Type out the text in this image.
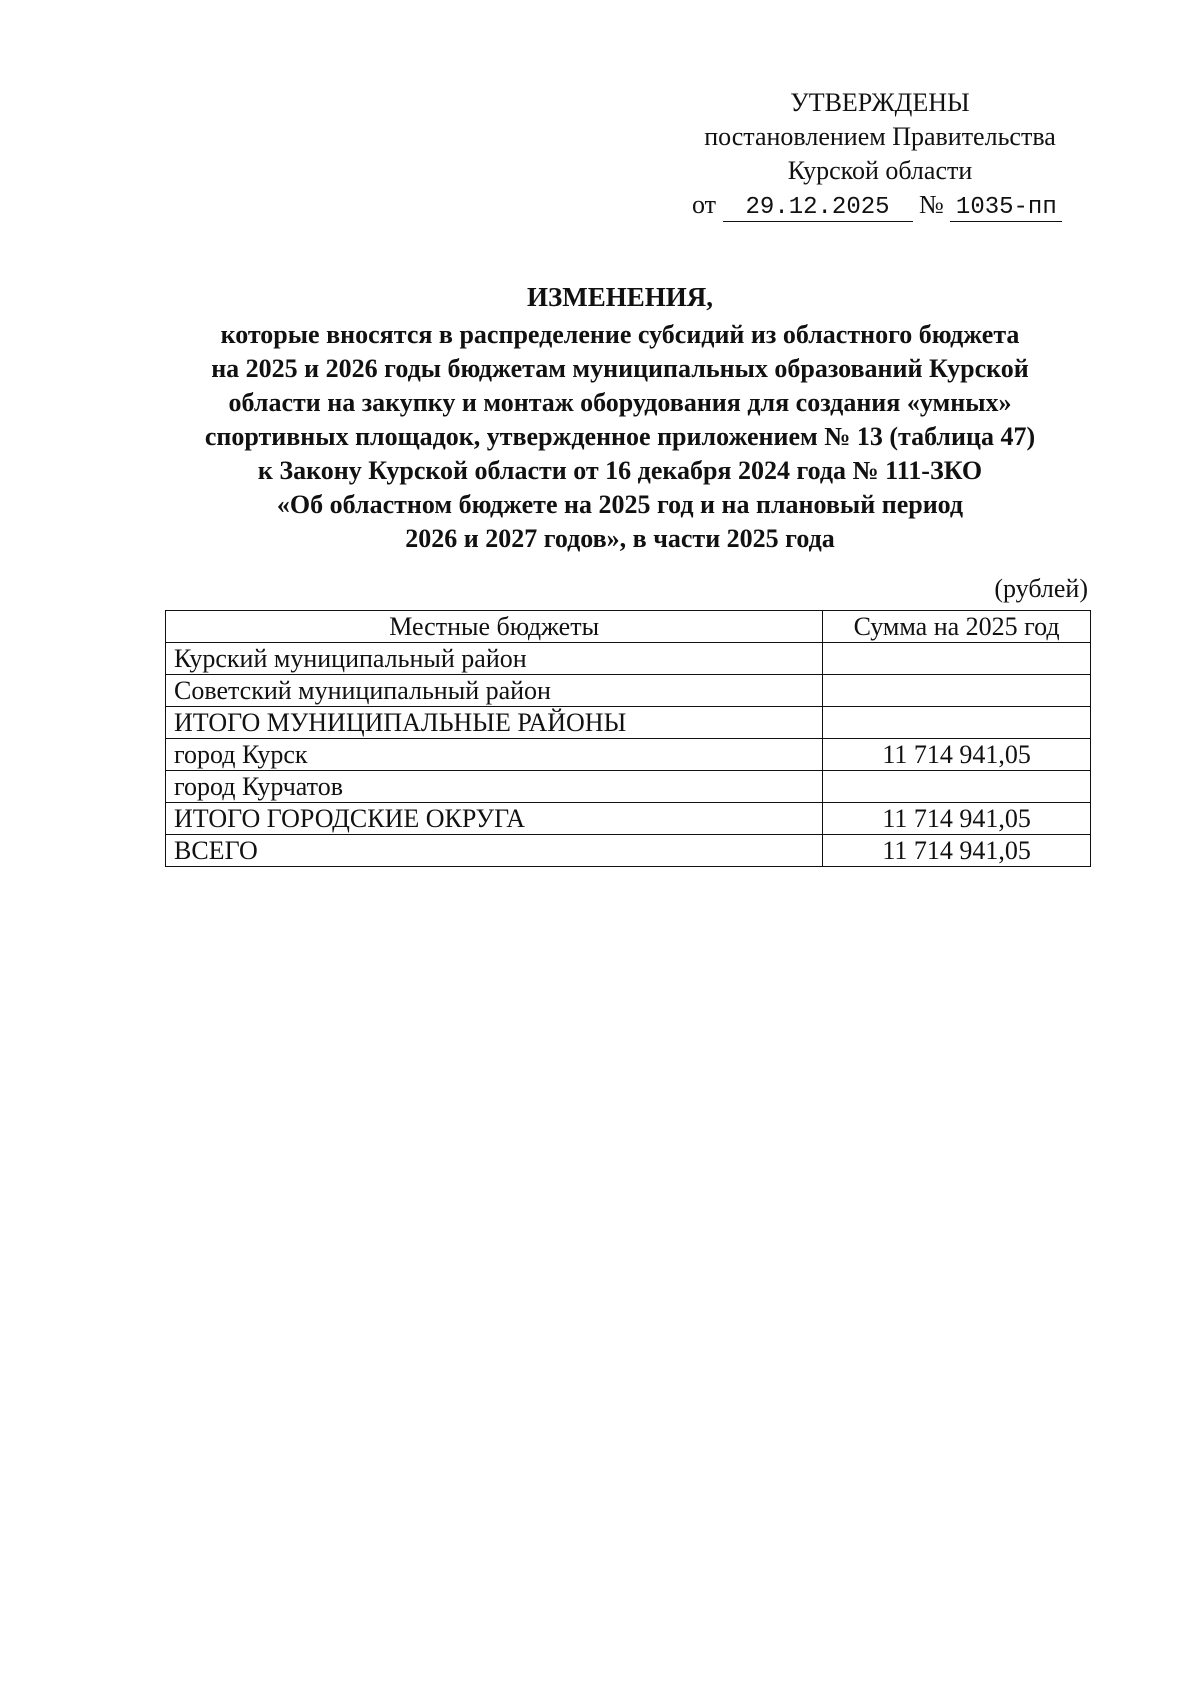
УТВЕРЖДЕНЫ
постановлением Правительства
Курской области
от 29.12.2025 № 1035-пп
ИЗМЕНЕНИЯ,
которые вносятся в распределение субсидий из областного бюджета
на 2025 и 2026 годы бюджетам муниципальных образований Курской
области на закупку и монтаж оборудования для создания «умных»
спортивных площадок, утвержденное приложением № 13 (таблица 47)
к Закону Курской области от 16 декабря 2024 года № 111-ЗКО
«Об областном бюджете на 2025 год и на плановый период
2026 и 2027 годов», в части 2025 года
(рублей)
Местные бюджеты	Сумма на 2025 год
Курский муниципальный район	
Советский муниципальный район	
ИТОГО МУНИЦИПАЛЬНЫЕ РАЙОНЫ	
город Курск	11 714 941,05
город Курчатов	
ИТОГО ГОРОДСКИЕ ОКРУГА	11 714 941,05
ВСЕГО	11 714 941,05
